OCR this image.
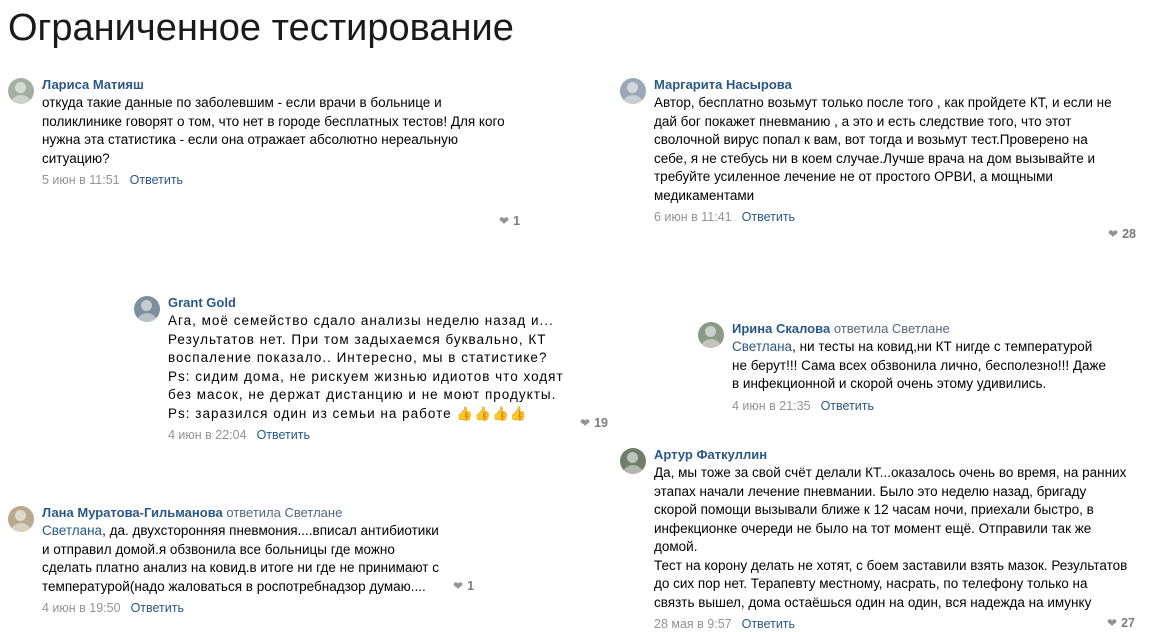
Ограниченное тестирование
Лариса Матияш
откуда такие данные по заболевшим - если врачи в больнице и поликлинике говорят о том, что нет в городе бесплатных тестов! Для кого нужна эта статистика - если она отражает абсолютно нереальную ситуацию?
5 июн в 11:51 Ответить
❤ 1
Grant Gold
Ага, моё семейство сдало анализы неделю назад и... Результатов нет. При том задыхаемся буквально, КТ воспаление показало.. Интересно, мы в статистике?
Ps: сидим дома, не рискуем жизнью идиотов что ходят без масок, не держат дистанцию и не моют продукты.
Ps: заразился один из семьи на работе 👍👍👍👍
4 июн в 22:04 Ответить
❤ 19
Лана Муратова-Гильманова ответила Светлане
Светлана, да. двухсторонняя пневмония....вписал антибиотики и отправил домой.я обзвонила все больницы где можно сделать платно анализ на ковид.в итоге ни где не принимают с температурой(надо жаловаться в роспотребнадзор думаю....
4 июн в 19:50 Ответить
❤ 1
Маргарита Насырова
Автор, бесплатно возьмут только после того , как пройдете КТ, и если не дай бог покажет пневманию , а это и есть следствие того, что этот сволочной вирус попал к вам, вот тогда и возьмут тест.Проверено на себе, я не стебусь ни в коем случае.Лучше врача на дом вызывайте и требуйте усиленное лечение не от простого ОРВИ, а мощными медикаментами
6 июн в 11:41 Ответить
❤ 28
Ирина Скалова ответила Светлане
Светлана, ни тесты на ковид,ни КТ нигде с температурой не берут!!! Сама всех обзвонила лично, бесполезно!!! Даже в инфекционной и скорой очень этому удивились.
4 июн в 21:35 Ответить
Артур Фаткуллин
Да, мы тоже за свой счёт делали КТ...оказалось очень во время, на ранних этапах начали лечение пневмании. Было это неделю назад, бригаду скорой помощи вызывали ближе к 12 часам ночи, приехали быстро, в инфекционке очереди не было на тот момент ещё. Отправили так же домой.
Тест на корону делать не хотят, с боем заставили взять мазок. Результатов до сих пор нет. Терапевту местному, насрать, по телефону только на связть вышел, дома остаёшься один на один, вся надежда на имунку
28 мая в 9:57 Ответить	❤ 27
